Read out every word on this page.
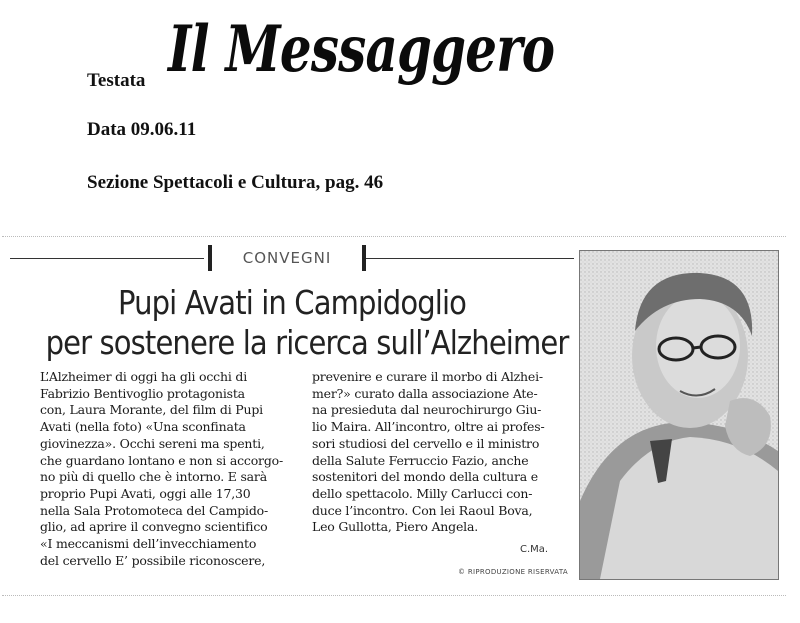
Il Messaggero
Testata
Data 09.06.11
Sezione Spettacoli e Cultura, pag. 46
CONVEGNI
Pupi Avati in Campidoglio
per sostenere la ricerca sull’Alzheimer
L’Alzheimer di oggi ha gli occhi di
Fabrizio Bentivoglio protagonista
con, Laura Morante, del film di Pupi
Avati (nella foto) «Una sconfinata
giovinezza». Occhi sereni ma spenti,
che guardano lontano e non si accorgo-
no più di quello che è intorno. E sarà
proprio Pupi Avati, oggi alle 17,30
nella Sala Protomoteca del Campido-
glio, ad aprire il convegno scientifico
«I meccanismi dell’invecchiamento
del cervello E’ possibile riconoscere,
prevenire e curare il morbo di Alzhei-
mer?» curato dalla associazione Ate-
na presieduta dal neurochirurgo Giu-
lio Maira. All’incontro, oltre ai profes-
sori studiosi del cervello e il ministro
della Salute Ferruccio Fazio, anche
sostenitori del mondo della cultura e
dello spettacolo. Milly Carlucci con-
duce l’incontro. Con lei Raoul Bova,
Leo Gullotta, Piero Angela.
C.Ma.
© RIPRODUZIONE RISERVATA
